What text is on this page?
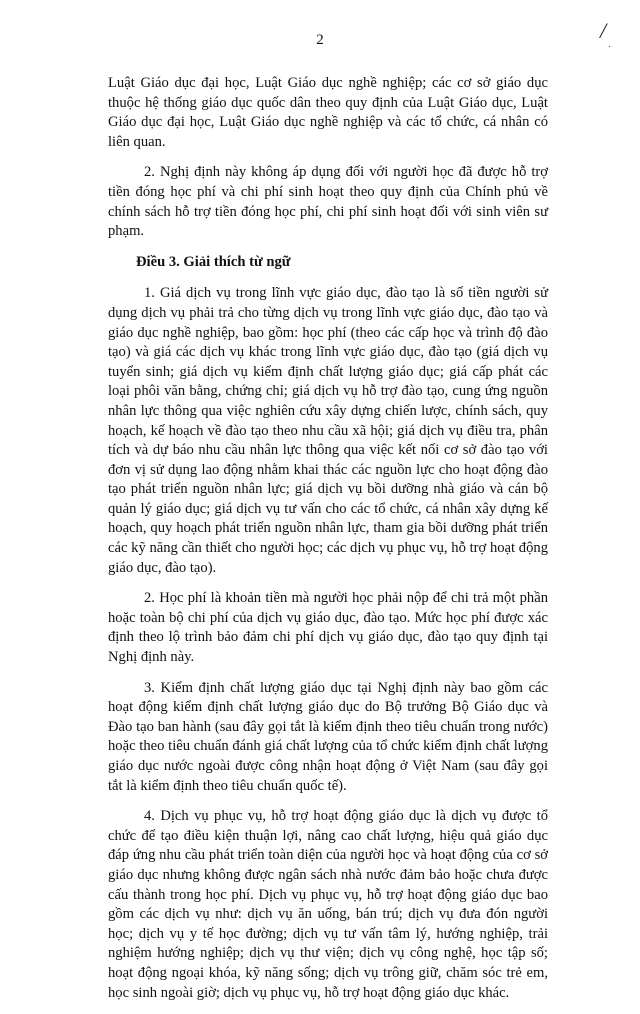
/
·
2

Luật Giáo dục đại học, Luật Giáo dục nghề nghiệp; các cơ sở giáo dục thuộc hệ thống giáo dục quốc dân theo quy định của Luật Giáo dục, Luật Giáo dục đại học, Luật Giáo dục nghề nghiệp và các tổ chức, cá nhân có liên quan.

2. Nghị định này không áp dụng đối với người học đã được hỗ trợ tiền đóng học phí và chi phí sinh hoạt theo quy định của Chính phủ về chính sách hỗ trợ tiền đóng học phí, chi phí sinh hoạt đối với sinh viên sư phạm.

Điều 3. Giải thích từ ngữ

1. Giá dịch vụ trong lĩnh vực giáo dục, đào tạo là số tiền người sử dụng dịch vụ phải trả cho từng dịch vụ trong lĩnh vực giáo dục, đào tạo và giáo dục nghề nghiệp, bao gồm: học phí (theo các cấp học và trình độ đào tạo) và giá các dịch vụ khác trong lĩnh vực giáo dục, đào tạo (giá dịch vụ tuyển sinh; giá dịch vụ kiểm định chất lượng giáo dục; giá cấp phát các loại phôi văn bằng, chứng chỉ; giá dịch vụ hỗ trợ đào tạo, cung ứng nguồn nhân lực thông qua việc nghiên cứu xây dựng chiến lược, chính sách, quy hoạch, kế hoạch về đào tạo theo nhu cầu xã hội; giá dịch vụ điều tra, phân tích và dự báo nhu cầu nhân lực thông qua việc kết nối cơ sở đào tạo với đơn vị sử dụng lao động nhằm khai thác các nguồn lực cho hoạt động đào tạo phát triển nguồn nhân lực; giá dịch vụ bồi dưỡng nhà giáo và cán bộ quản lý giáo dục; giá dịch vụ tư vấn cho các tổ chức, cá nhân xây dựng kế hoạch, quy hoạch phát triển nguồn nhân lực, tham gia bồi dưỡng phát triển các kỹ năng cần thiết cho người học; các dịch vụ phục vụ, hỗ trợ hoạt động giáo dục, đào tạo).

2. Học phí là khoản tiền mà người học phải nộp để chi trả một phần hoặc toàn bộ chi phí của dịch vụ giáo dục, đào tạo. Mức học phí được xác định theo lộ trình bảo đảm chi phí dịch vụ giáo dục, đào tạo quy định tại Nghị định này.

3. Kiểm định chất lượng giáo dục tại Nghị định này bao gồm các hoạt động kiểm định chất lượng giáo dục do Bộ trưởng Bộ Giáo dục và Đào tạo ban hành (sau đây gọi tắt là kiểm định theo tiêu chuẩn trong nước) hoặc theo tiêu chuẩn đánh giá chất lượng của tổ chức kiểm định chất lượng giáo dục nước ngoài được công nhận hoạt động ở Việt Nam (sau đây gọi tắt là kiểm định theo tiêu chuẩn quốc tế).

4. Dịch vụ phục vụ, hỗ trợ hoạt động giáo dục là dịch vụ được tổ chức để tạo điều kiện thuận lợi, nâng cao chất lượng, hiệu quả giáo dục đáp ứng nhu cầu phát triển toàn diện của người học và hoạt động của cơ sở giáo dục nhưng không được ngân sách nhà nước đảm bảo hoặc chưa được cấu thành trong học phí. Dịch vụ phục vụ, hỗ trợ hoạt động giáo dục bao gồm các dịch vụ như: dịch vụ ăn uống, bán trú; dịch vụ đưa đón người học; dịch vụ y tế học đường; dịch vụ tư vấn tâm lý, hướng nghiệp, trải nghiệm hướng nghiệp; dịch vụ thư viện; dịch vụ công nghệ, học tập số; hoạt động ngoại khóa, kỹ năng sống; dịch vụ trông giữ, chăm sóc trẻ em, học sinh ngoài giờ; dịch vụ phục vụ, hỗ trợ hoạt động giáo dục khác.
